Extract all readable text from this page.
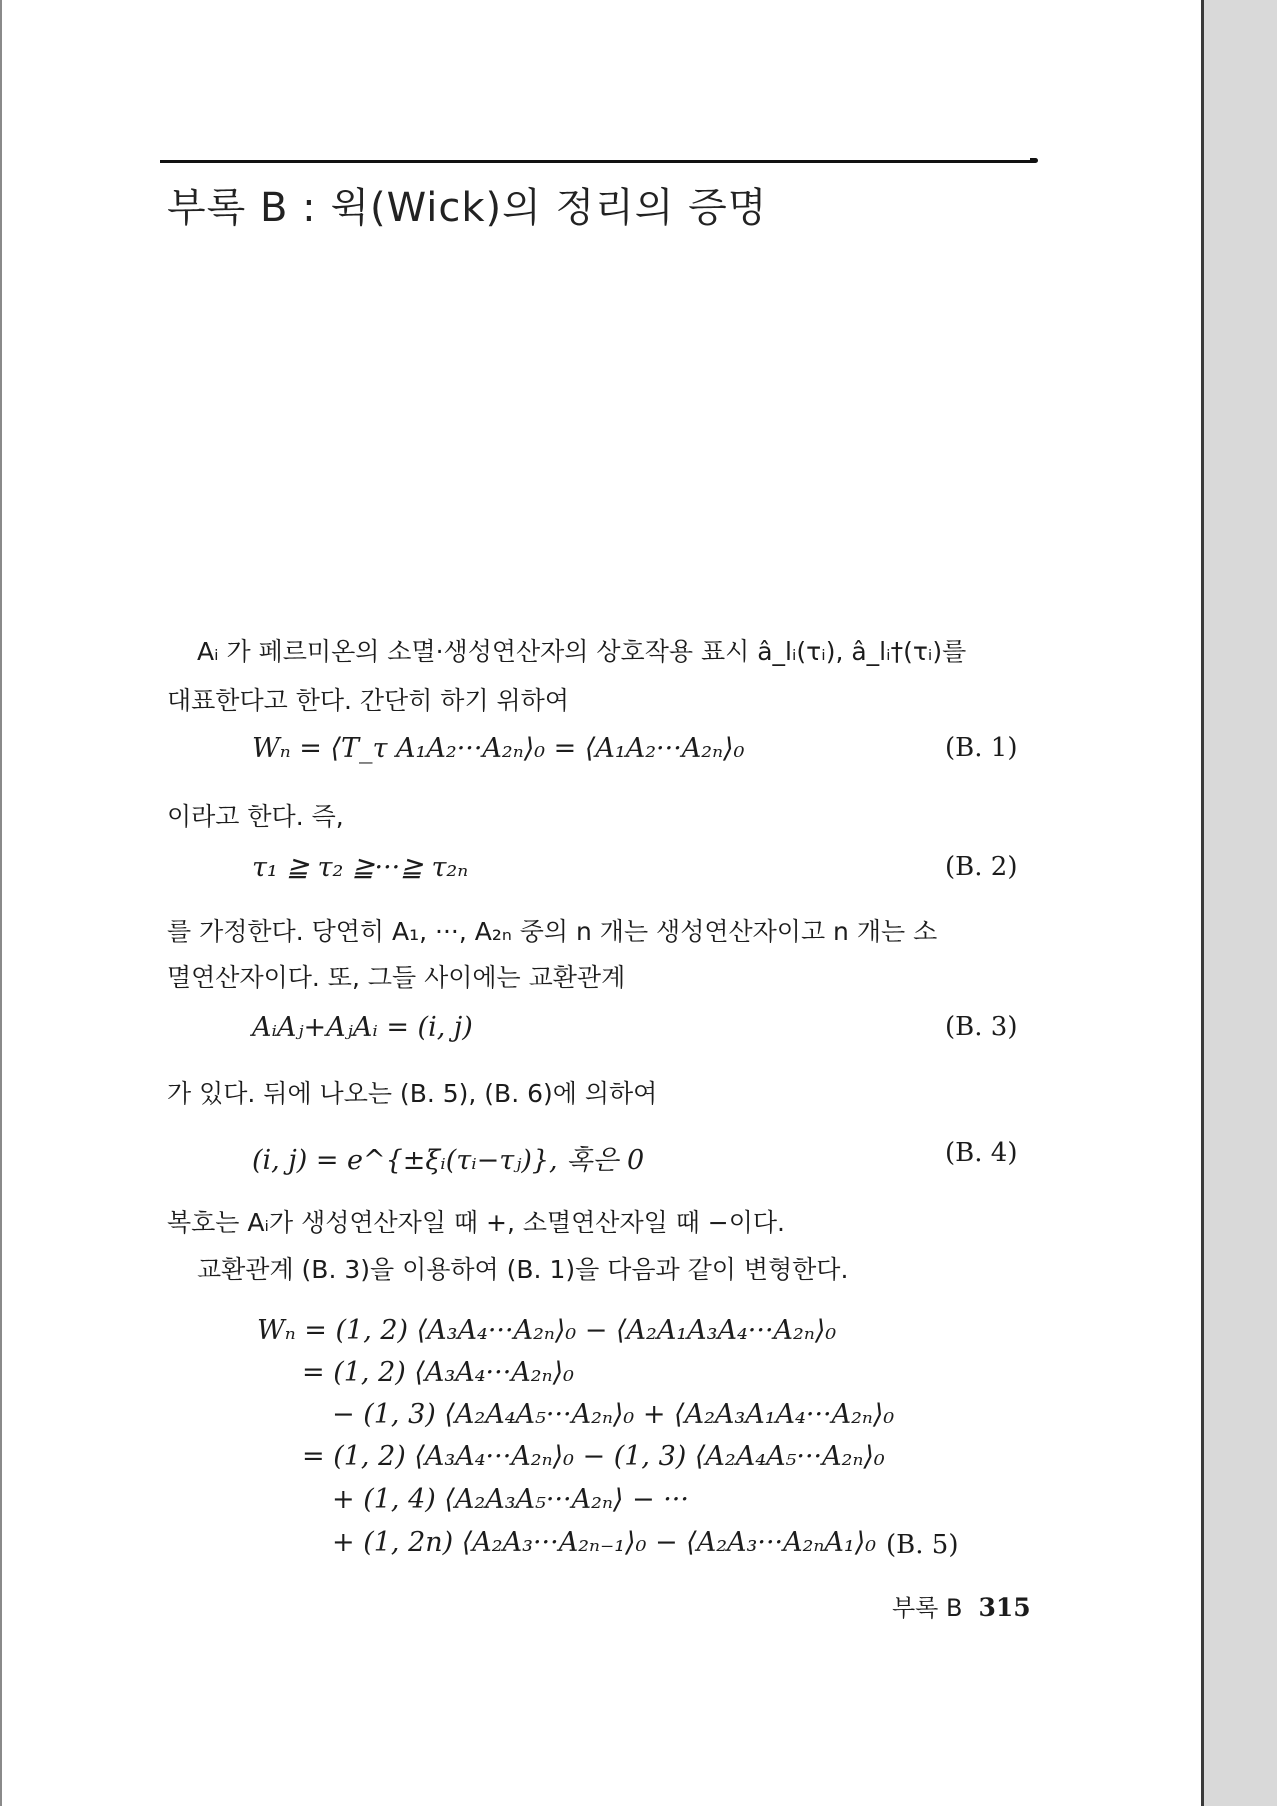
부록 B : 윅(Wick)의 정리의 증명
Aᵢ 가 페르미온의 소멸·생성연산자의 상호작용 표시 â_lᵢ(τᵢ), â_lᵢ†(τᵢ)를
대표한다고 한다. 간단히 하기 위하여
Wₙ = ⟨T_τ A₁A₂···A₂ₙ⟩₀ = ⟨A₁A₂···A₂ₙ⟩₀	(B. 1)
이라고 한다. 즉,
τ₁ ≧ τ₂ ≧···≧ τ₂ₙ	(B. 2)
를 가정한다. 당연히 A₁, ···, A₂ₙ 중의 n 개는 생성연산자이고 n 개는 소
멸연산자이다. 또, 그들 사이에는 교환관계
AᵢAⱼ+AⱼAᵢ = (i, j)	(B. 3)
가 있다. 뒤에 나오는 (B. 5), (B. 6)에 의하여
(i, j) = e^{±ξᵢ(τᵢ−τⱼ)}, 혹은 0	(B. 4)
복호는 Aᵢ가 생성연산자일 때 +, 소멸연산자일 때 −이다.
교환관계 (B. 3)을 이용하여 (B. 1)을 다음과 같이 변형한다.
Wₙ = (1, 2) ⟨A₃A₄···A₂ₙ⟩₀ − ⟨A₂A₁A₃A₄···A₂ₙ⟩₀
= (1, 2) ⟨A₃A₄···A₂ₙ⟩₀
− (1, 3) ⟨A₂A₄A₅···A₂ₙ⟩₀ + ⟨A₂A₃A₁A₄···A₂ₙ⟩₀
= (1, 2) ⟨A₃A₄···A₂ₙ⟩₀ − (1, 3) ⟨A₂A₄A₅···A₂ₙ⟩₀
+ (1, 4) ⟨A₂A₃A₅···A₂ₙ⟩ − ···
+ (1, 2n) ⟨A₂A₃···A₂ₙ₋₁⟩₀ − ⟨A₂A₃···A₂ₙA₁⟩₀ (B. 5)
부록 B 315
